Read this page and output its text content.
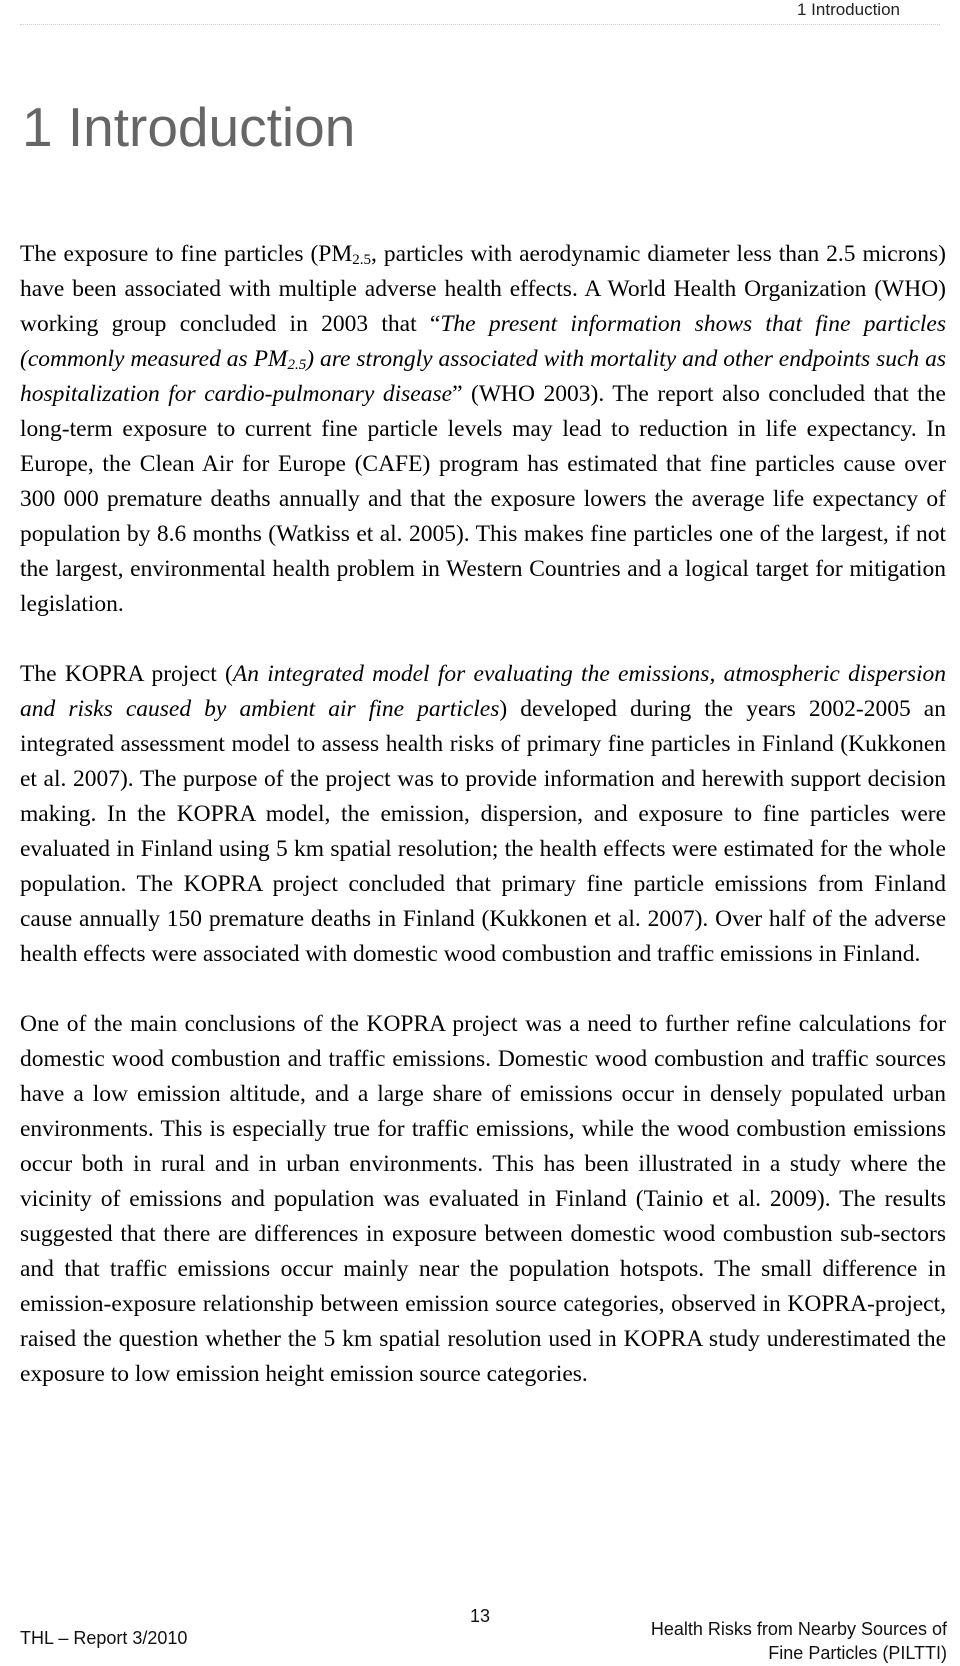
1 Introduction
1 Introduction

The exposure to fine particles ($PM_{2.5}$, particles with aerodynamic diameter less than 2.5 microns) have been associated with multiple adverse health effects. A World Health Organization (WHO) working group concluded in 2003 that “The present information shows that fine particles (commonly measured as $PM_{2.5}$) are strongly associated with mortality and other endpoints such as hospitalization for cardio-pulmonary disease” (WHO 2003). The report also concluded that the long-term exposure to current fine particle levels may lead to reduction in life expectancy. In Europe, the Clean Air for Europe (CAFE) program has estimated that fine particles cause over 300 000 premature deaths annually and that the exposure lowers the average life expectancy of population by 8.6 months (Watkiss et al. 2005). This makes fine particles one of the largest, if not the largest, environmental health problem in Western Countries and a logical target for mitigation legislation.

The KOPRA project (An integrated model for evaluating the emissions, atmospheric dispersion and risks caused by ambient air fine particles) developed during the years 2002-2005 an integrated assessment model to assess health risks of primary fine particles in Finland (Kukkonen et al. 2007). The purpose of the project was to provide information and herewith support decision making. In the KOPRA model, the emission, dispersion, and exposure to fine particles were evaluated in Finland using 5 km spatial resolution; the health effects were estimated for the whole population. The KOPRA project concluded that primary fine particle emissions from Finland cause annually 150 premature deaths in Finland (Kukkonen et al. 2007). Over half of the adverse health effects were associated with domestic wood combustion and traffic emissions in Finland.

One of the main conclusions of the KOPRA project was a need to further refine calculations for domestic wood combustion and traffic emissions. Domestic wood combustion and traffic sources have a low emission altitude, and a large share of emissions occur in densely populated urban environments. This is especially true for traffic emissions, while the wood combustion emissions occur both in rural and in urban environments. This has been illustrated in a study where the vicinity of emissions and population was evaluated in Finland (Tainio et al. 2009). The results suggested that there are differences in exposure between domestic wood combustion sub-sectors and that traffic emissions occur mainly near the population hotspots. The small difference in emission-exposure relationship between emission source categories, observed in KOPRA-project, raised the question whether the 5 km spatial resolution used in KOPRA study underestimated the exposure to low emission height emission source categories.

THL – Report 3/2010
13
Health Risks from Nearby Sources of
Fine Particles (PILTTI)
